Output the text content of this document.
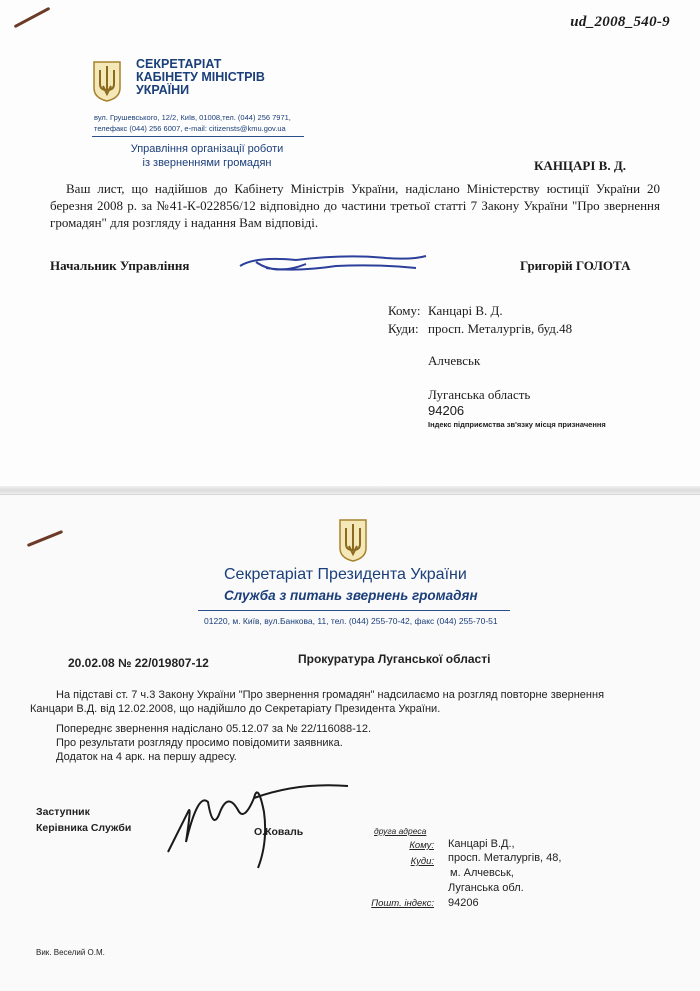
ud_2008_540-9
СЕКРЕТАРІАТ
КАБІНЕТУ МІНІСТРІВ
УКРАЇНИ
вул. Грушевського, 12/2, Київ, 01008,тел. (044) 256 7971,
телефакс (044) 256 6007, e-mail: citizensts@kmu.gov.ua
Управління організації роботи
із зверненнями громадян	КАНЦАРІ В. Д.
Ваш лист, що надійшов до Кабінету Міністрів України, надіслано Міністерству юстиції України 20 березня 2008 р. за №41-К-022856/12 відповідно до частини третьої статті 7 Закону України "Про звернення громадян" для розгляду і надання Вам відповіді.
Начальник Управління	Григорій ГОЛОТА
Кому: Канцарі В. Д.
Куди: просп. Металургів, буд.48
Алчевськ
Луганська область
94206
Індекс підприємства зв'язку місця призначення
Секретаріат Президента України
Служба з питань звернень громадян
01220, м. Київ, вул.Банкова, 11, тел. (044) 255-70-42, факс (044) 255-70-51
20.02.08 № 22/019807-12	Прокуратура Луганської області

На підставі ст. 7 ч.3 Закону України "Про звернення громадян" надсилаємо на розгляд повторне звернення

Канцари В.Д. від 12.02.2008, що надійшло до Секретаріату Президента України.

Попереднє звернення надіслано 05.12.07 за № 22/116088-12.

Про результати розгляду просимо повідомити заявника.

Додаток на 4 арк. на першу адресу.

Заступник
Керівника Служби	О.Коваль	друга адреса
Кому: Канцарі В.Д.,
Куди: просп. Металургів, 48,
м. Алчевськ,
Луганська обл.
Пошт. індекс: 94206
Вик. Веселий О.М.
